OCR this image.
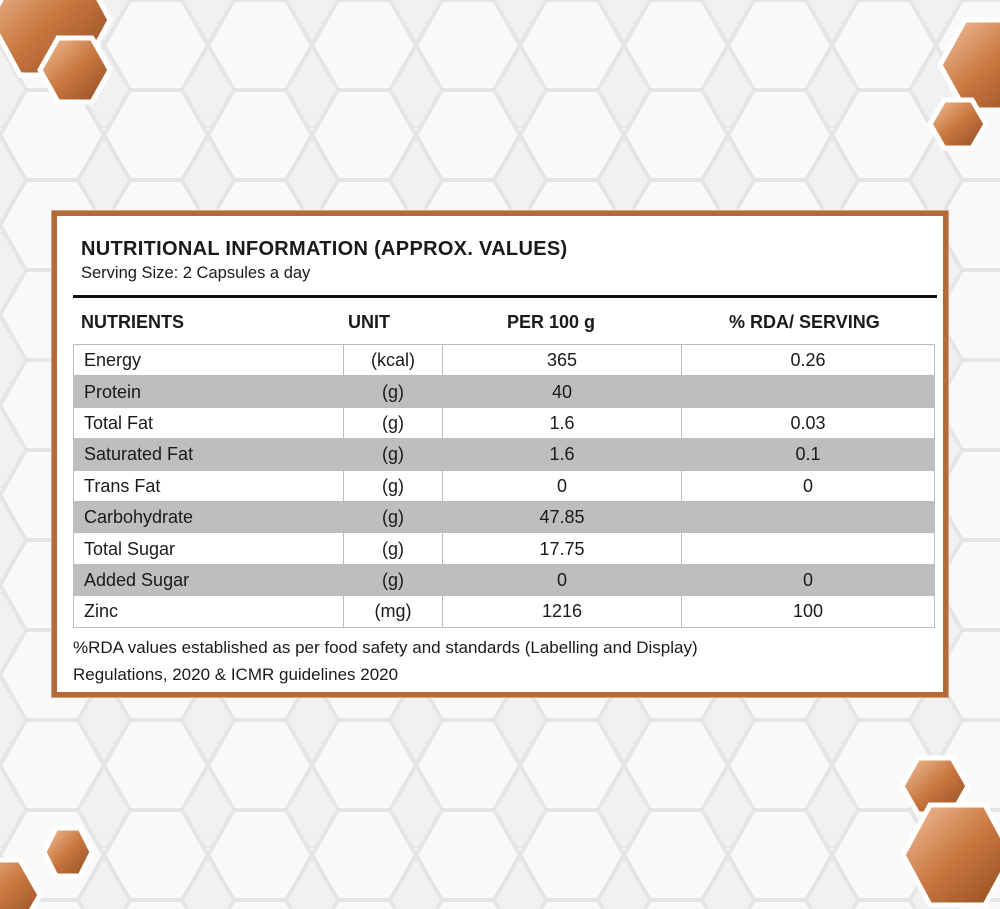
NUTRITIONAL INFORMATION (APPROX. VALUES)
Serving Size: 2 Capsules a day
NUTRIENTS	UNIT	PER 100 g	% RDA/ SERVING
Energy	(kcal)	365	0.26
Protein	(g)	40	
Total Fat	(g)	1.6	0.03
Saturated Fat	(g)	1.6	0.1
Trans Fat	(g)	0	0
Carbohydrate	(g)	47.85	
Total Sugar	(g)	17.75	
Added Sugar	(g)	0	0
Zinc	(mg)	1216	100
%RDA values established as per food safety and standards (Labelling and Display)
Regulations, 2020 & ICMR guidelines 2020
